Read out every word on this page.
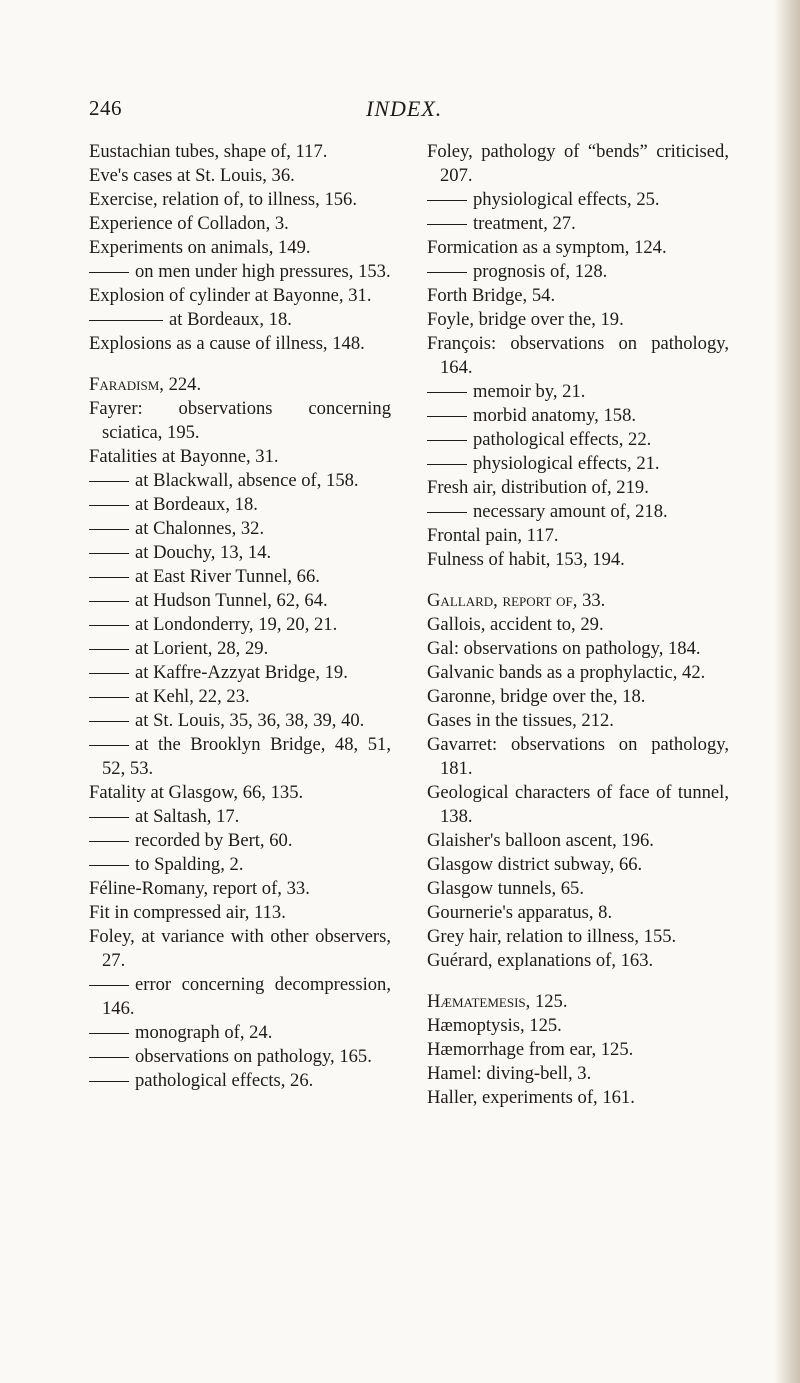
246	INDEX.
Eustachian tubes, shape of, 117.
Eve's cases at St. Louis, 36.
Exercise, relation of, to illness, 156.
Experience of Colladon, 3.
Experiments on animals, 149.
on men under high pressures, 153.
Explosion of cylinder at Bayonne, 31.
at Bordeaux, 18.
Explosions as a cause of illness, 148.
Faradism, 224.
Fayrer: observations concerning sciatica, 195.
Fatalities at Bayonne, 31.
at Blackwall, absence of, 158.
at Bordeaux, 18.
at Chalonnes, 32.
at Douchy, 13, 14.
at East River Tunnel, 66.
at Hudson Tunnel, 62, 64.
at Londonderry, 19, 20, 21.
at Lorient, 28, 29.
at Kaffre-Azzyat Bridge, 19.
at Kehl, 22, 23.
at St. Louis, 35, 36, 38, 39, 40.
at the Brooklyn Bridge, 48, 51, 52, 53.
Fatality at Glasgow, 66, 135.
at Saltash, 17.
recorded by Bert, 60.
to Spalding, 2.
Féline-Romany, report of, 33.
Fit in compressed air, 113.
Foley, at variance with other observers, 27.
error concerning decompression, 146.
monograph of, 24.
observations on pathology, 165.
pathological effects, 26.
Foley, pathology of “bends” criticised, 207.
physiological effects, 25.
treatment, 27.
Formication as a symptom, 124.
prognosis of, 128.
Forth Bridge, 54.
Foyle, bridge over the, 19.
François: observations on pathology, 164.
memoir by, 21.
morbid anatomy, 158.
pathological effects, 22.
physiological effects, 21.
Fresh air, distribution of, 219.
necessary amount of, 218.
Frontal pain, 117.
Fulness of habit, 153, 194.
Gallard, report of, 33.
Gallois, accident to, 29.
Gal: observations on pathology, 184.
Galvanic bands as a prophylactic, 42.
Garonne, bridge over the, 18.
Gases in the tissues, 212.
Gavarret: observations on pathology, 181.
Geological characters of face of tunnel, 138.
Glaisher's balloon ascent, 196.
Glasgow district subway, 66.
Glasgow tunnels, 65.
Gournerie's apparatus, 8.
Grey hair, relation to illness, 155.
Guérard, explanations of, 163.
Hæmatemesis, 125.
Hæmoptysis, 125.
Hæmorrhage from ear, 125.
Hamel: diving-bell, 3.
Haller, experiments of, 161.
